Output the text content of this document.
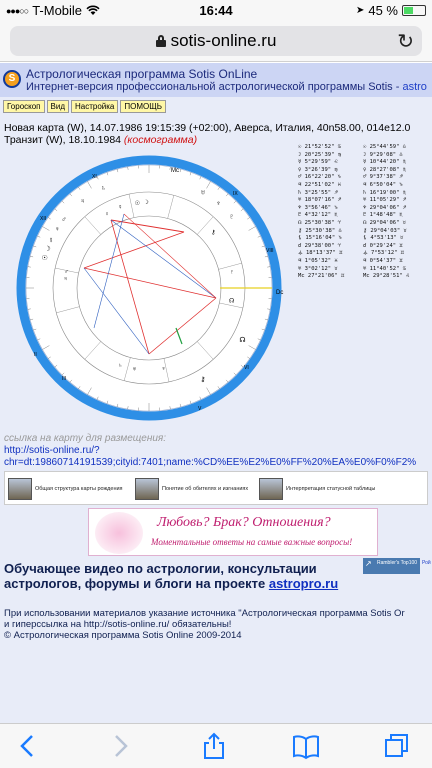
●●●○○ T-Mobile	16:44	➤ 45 %
sotis-online.ru	↻
S Астрологическая программа Sotis OnLine
Интернет-версия профессиональной астрологической программы Sotis - astro
Гороскоп	Вид	Настройка	ПОМОЩЬ
Новая карта (W), 14.07.1986 19:15:39 (+02:00), Аверса, Италия, 40n58.00, 014e12.0
Транзит (W), 18.10.1984 (космограмма)
Mc
Dc
XI
IX
VIII
VI
V
III
II
XII
☉
☽
☿
♀
♂
♃
♄
♅
♆
♇
☊
⚷
☉ ☽
☿
♀
♂
♃
♄
♅	♆
♇
☊
⚷
☉ 21°52'52" ♋	☉ 25°44'59" ♎
☽ 20°25'39" ♍	☽ 9°29'08" ♎
☿ 5°29'59" ♌	☿ 10°44'20" ♏
♀ 3°26'39" ♍	♀ 28°27'08" ♏
♂ 16°22'20" ♑	♂ 9°37'38" ♐
♃ 22°51'02" ♓	♃ 6°50'04" ♑
♄ 3°25'55" ♐	♄ 16°19'00" ♏
♅ 18°07'16" ♐	♅ 11°05'29" ♐
♆ 3°56'46" ♑	♆ 29°04'06" ♐
♇ 4°32'12" ♏	♇ 1°48'48" ♏
☊ 25°30'38" ♈	☊ 29°04'06" ♉
⚷ 25°30'38" ♎	⚷ 29°04'03" ♉
⚸ 15°16'04" ♑	⚸ 4°53'13" ♉
☌ 29°38'00" ♈	☌ 0°29'24" ♊
⚶ 18°13'37" ♊	⚶ 7°53'12" ♊
♃ 1°05'32" ♓	♃ 0°54'37" ♊
♅ 3°02'12" ♉	♅ 11°40'52" ♋
Mc 27°21'06" ♊	Mc 29°28'51" ♌
ссылка на карту для размещения:
http://sotis-online.ru/?
chr=dt:19860714191539;cityid:7401;name:%CD%EE%E2%E0%FF%20%EA%E0%F0%F2%
Общая структура карты рождения	Понятие об обителях и изгнаниях	Интерпретация статусной таблицы
Любовь? Брак? Отношения?
Моментальные ответы на самые важные вопросы!
↗ Rambler's Top100 Рой
Обучающее видео по астрологии, консультации астрологов, форумы и блоги на проекте astropro.ru
При использовании материалов указание источника "Астрологическая программа Sotis Or
и гиперссылка на http://sotis-online.ru/ обязательны!
© Астрологическая программа Sotis Online 2009-2014
